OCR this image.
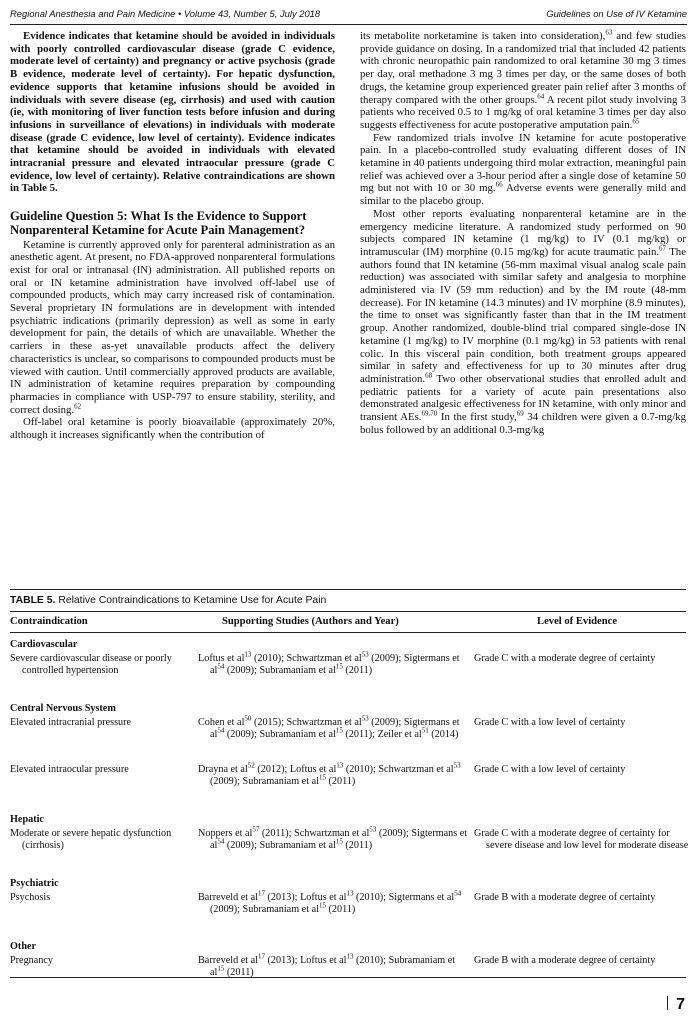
Regional Anesthesia and Pain Medicine • Volume 43, Number 5, July 2018	Guidelines on Use of IV Ketamine

Evidence indicates that ketamine should be avoided in individuals with poorly controlled cardiovascular disease (grade C evidence, moderate level of certainty) and pregnancy or active psychosis (grade B evidence, moderate level of certainty). For hepatic dysfunction, evidence supports that ketamine infusions should be avoided in individuals with severe disease (eg, cirrhosis) and used with caution (ie, with monitoring of liver function tests before infusion and during infusions in surveillance of elevations) in individuals with moderate disease (grade C evidence, low level of certainty). Evidence indicates that ketamine should be avoided in individuals with elevated intracranial pressure and elevated intraocular pressure (grade C evidence, low level of certainty). Relative contraindications are shown in Table 5.

Guideline Question 5: What Is the Evidence to Support Nonparenteral Ketamine for Acute Pain Management?

Ketamine is currently approved only for parenteral administration as an anesthetic agent. At present, no FDA-approved nonparenteral formulations exist for oral or intranasal (IN) administration. All published reports on oral or IN ketamine administration have involved off-label use of compounded products, which may carry increased risk of contamination. Several proprietary IN formulations are in development with intended psychiatric indications (primarily depression) as well as some in early development for pain, the details of which are unavailable. Whether the carriers in these as-yet unavailable products affect the delivery characteristics is unclear, so comparisons to compounded products must be viewed with caution. Until commercially approved products are available, IN administration of ketamine requires preparation by compounding pharmacies in compliance with USP-797 to ensure stability, sterility, and correct dosing.$^{62}$

Off-label oral ketamine is poorly bioavailable (approximately 20%, although it increases significantly when the contribution of

its metabolite norketamine is taken into consideration),$^{63}$ and few studies provide guidance on dosing. In a randomized trial that included 42 patients with chronic neuropathic pain randomized to oral ketamine 30 mg 3 times per day, oral methadone 3 mg 3 times per day, or the same doses of both drugs, the ketamine group experienced greater pain relief after 3 months of therapy compared with the other groups.$^{64}$ A recent pilot study involving 3 patients who received 0.5 to 1 mg/kg of oral ketamine 3 times per day also suggests effectiveness for acute postoperative amputation pain.$^{65}$

Few randomized trials involve IN ketamine for acute postoperative pain. In a placebo-controlled study evaluating different doses of IN ketamine in 40 patients undergoing third molar extraction, meaningful pain relief was achieved over a 3-hour period after a single dose of ketamine 50 mg but not with 10 or 30 mg.$^{66}$ Adverse events were generally mild and similar to the placebo group.

Most other reports evaluating nonparenteral ketamine are in the emergency medicine literature. A randomized study performed on 90 subjects compared IN ketamine (1 mg/kg) to IV (0.1 mg/kg) or intramuscular (IM) morphine (0.15 mg/kg) for acute traumatic pain.$^{67}$ The authors found that IN ketamine (56-mm maximal visual analog scale pain reduction) was associated with similar safety and analgesia to morphine administered via IV (59 mm reduction) and by the IM route (48-mm decrease). For IN ketamine (14.3 minutes) and IV morphine (8.9 minutes), the time to onset was significantly faster than that in the IM treatment group. Another randomized, double-blind trial compared single-dose IN ketamine (1 mg/kg) to IV morphine (0.1 mg/kg) in 53 patients with renal colic. In this visceral pain condition, both treatment groups appeared similar in safety and effectiveness for up to 30 minutes after drug administration.$^{68}$ Two other observational studies that enrolled adult and pediatric patients for a variety of acute pain presentations also demonstrated analgesic effectiveness for IN ketamine, with only minor and transient AEs.$^{69,70}$ In the first study,$^{69}$ 34 children were given a 0.7-mg/kg bolus followed by an additional 0.3-mg/kg

TABLE 5. Relative Contraindications to Ketamine Use for Acute Pain
Contraindication	Supporting Studies (Authors and Year)	Level of Evidence
Cardiovascular
Severe cardiovascular disease or poorly controlled hypertension
Loftus et $al^{13}$ (2010); Schwartzman et $al^{53}$ (2009); Sigtermans et $al^{54}$ (2009); Subramaniam et $al^{15}$ (2011)
Grade C with a moderate degree of certainty
Central Nervous System
Elevated intracranial pressure	Cohen et $al^{50}$ (2015); Schwartzman et $al^{53}$ (2009); Sigtermans et $al^{54}$ (2009); Subramaniam et $al^{15}$ (2011); Zeiler et $al^{51}$ (2014)
Grade C with a low level of certainty
Elevated intraocular pressure	Drayna et $al^{52}$ (2012); Loftus et $al^{13}$ (2010); Schwartzman et $al^{53}$ (2009); Subramaniam et $al^{15}$ (2011)
Grade C with a low level of certainty
Hepatic
Moderate or severe hepatic dysfunction (cirrhosis)
Noppers et $al^{57}$ (2011); Schwartzman et $al^{53}$ (2009); Sigtermans et $al^{54}$ (2009); Subramaniam et $al^{15}$ (2011)
Grade C with a moderate degree of certainty for severe disease and low level for moderate disease
Psychiatric
Psychosis	Barreveld et $al^{17}$ (2013); Loftus et $al^{13}$ (2010); Sigtermans et $al^{54}$ (2009); Subramaniam et $al^{15}$ (2011)
Grade B with a moderate degree of certainty
Other
Pregnancy	Barreveld et $al^{17}$ (2013); Loftus et $al^{13}$ (2010); Subramaniam et $al^{15}$ (2011)
Grade B with a moderate degree of certainty
7
